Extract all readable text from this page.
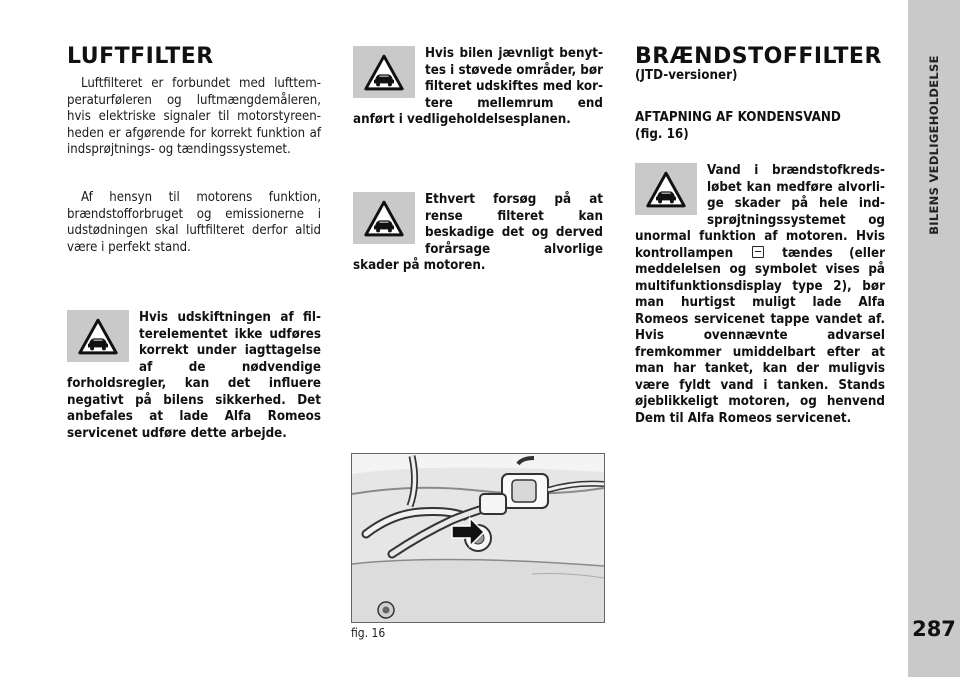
BILENS VEDLIGEHOLDELSE
287
LUFTFILTER

Luftfilteret er forbundet med lufttemperaturføleren og luftmængdemåleren, hvis elektriske signaler til motorstyreenheden er afgørende for korrekt funktion af indsprøjtnings- og tændingssystemet.

Af hensyn til motorens funktion, brændstofforbruget og emissionerne i udstødningen skal luftfilteret derfor altid være i perfekt stand.

Hvis udskiftningen af filterelementet ikke udføres korrekt under iagttagelse af de nødvendige forholdsregler, kan det influere negativt på bilens sikkerhed. Det anbefales at lade Alfa Romeos servicenet udføre dette arbejde.
Hvis bilen jævnligt benyttes i støvede områder, bør filteret udskiftes med kortere mellemrum end anført i vedligeholdelsesplanen.
Ethvert forsøg på at rense filteret kan beskadige det og derved forårsage alvorlige skader på motoren.
fig. 16
BRÆNDSTOFFILTER
(JTD-versioner)
AFTAPNING AF KONDENSVAND
(fig. 16)
Vand i brændstofkredsløbet kan medføre alvorlige skader på hele indsprøjtningssystemet og unormal funktion af motoren. Hvis kontrollampen	tændes (eller meddelelsen og symbolet vises på multifunktionsdisplay type 2), bør man hurtigst muligt lade Alfa Romeos servicenet tappe vandet af. Hvis ovennævnte advarsel fremkommer umiddelbart efter at man har tanket, kan der muligvis være fyldt vand i tanken. Stands øjeblikkeligt motoren, og henvend Dem til Alfa Romeos servicenet.
